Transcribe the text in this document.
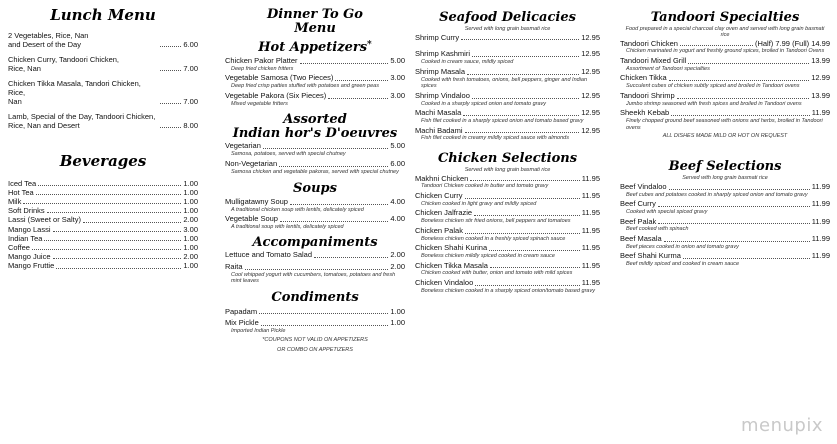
Lunch Menu
2 Vegetables, Rice, Nan
and Desert of the Day	6.00
Chicken Curry, Tandoori Chicken,
Rice, Nan	7.00
Chicken Tikka Masala, Tandori Chicken, Rice,
Nan	7.00
Lamb, Special of the Day, Tandoori Chicken,
Rice, Nan and Desert	8.00
Beverages
Iced Tea	1.00
Hot Tea	1.00
Milk	1.00
Soft Drinks	1.00
Lassi (Sweet or Salty)	2.00
Mango Lassi	3.00
Indian Tea	1.00
Coffee	1.00
Mango Juice	2.00
Mango Fruttie	1.00
Dinner To Go
Menu
Hot Appetizers*
Chicken Pakor Platter	5.00
Deep fried chicken fritters
Vegetable Samosa (Two Pieces)	3.00
Deep fried crisp patties stuffed with potatoes and green peas
Vegetable Pakora (Six Pieces)	3.00
Mixed vegetable fritters
Assorted
Indian hor's D'oeuvres
Vegetarian	5.00
Samosa, potatoes, served with special chutney
Non-Vegetarian	6.00
Samosa chicken and vegetable pakoras, served with special chutney
Soups
Mulligatawny Soup	4.00
A traditional chicken soup with lentils, delicately spiced
Vegetable Soup	4.00
A traditional soup with lentils, delicately spiced
Accompaniments
Lettuce and Tomato Salad	2.00
Raita	2.00
Cool whipped yogurt with cucumbers, tomatoes, potatoes and fresh mint leaves
Condiments
Papadam	1.00
Mix Pickle	1.00
Imported Indian Pickle
*COUPONS NOT VALID ON APPETIZERS
OR COMBO ON APPETIZERS
Seafood Delicacies
Served with long grain basmati rice
Shrimp Curry	12.95
Shrimp Kashmiri	12.95
Cooked in cream sauce, mildly spiced
Shrimp Masala	12.95
Cooked with fresh tomatoes, onions, bell peppers, ginger and Indian spices
Shrimp Vindaloo	12.95
Cooked in a sharply spiced onion and tomato gravy
Machi Masala	12.95
Fish filet cooked in a sharply spiced onion and tomato based gravy
Machi Badami	12.95
Fish filet cooked in creamy mildly spiced sauce with almonds
Chicken Selections
Served with long grain basmati rice
Makhni Chicken	11.95
Tandoori Chicken cooked in butter and tomato gravy
Chicken Curry	11.95
Chicken cooked in light gravy and mildly spiced
Chicken Jalfrazie	11.95
Boneless chicken stir fried onions, bell peppers and tomatoes
Chicken Palak	11.95
Boneless chicken cooked in a freshly spiced spinach sauce
Chicken Shahi Kurina	11.95
Boneless chicken mildly spiced cooked in cream sauce
Chicken Tikka Masala	11.95
Chicken cooked with butter, onion and tomato with mild spices
Chicken Vindaloo	11.95
Boneless chicken cooked in a sharply spiced onion/tomato based gravy
Tandoori Specialties
Food prepared in a special charcoal clay oven and served with long grain basmati rice
Tandoori Chicken	(Half) 7.99 (Full) 14.99
Chicken marinated in yogurt and freshly ground spices, broiled in Tandoori Ovens
Tandoori Mixed Grill	13.99
Assortment of Tandoori specialties
Chicken Tikka	12.99
Succulent cubes of chicken subtly spiced and broiled in Tandoori ovens
Tandoori Shrimp	13.99
Jumbo shrimp seasoned with fresh spices and broiled in Tandoori ovens
Sheekh Kebab	11.99
Finely chopped ground beef seasoned with onions and herbs, broiled in Tandoori ovens
ALL DISHES MADE MILD OR HOT ON REQUEST
Beef Selections
Served with long grain basmati rice
Beef Vindaloo	11.99
Beef cubes and potatoes cooked in sharply spiced onion and tomato gravy
Beef Curry	11.99
Cooked with special spiced gravy
Beef Palak	11.99
Beef cooked with spinach
Beef Masala	11.99
Beef pieces cooked in onion and tomato gravy
Beef Shahi Kurma	11.99
Beef mildly spiced and cooked in cream sauce
menupix
